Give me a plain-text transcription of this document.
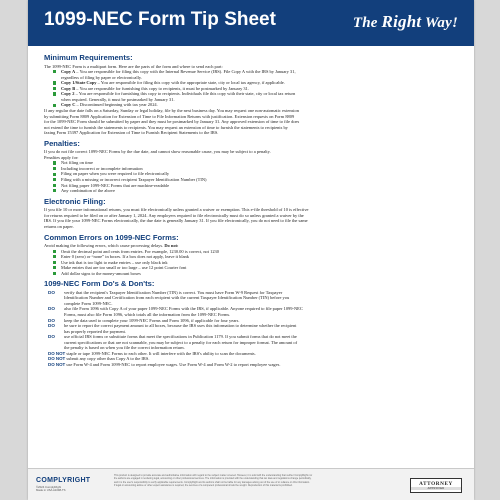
1099-NEC Form Tip Sheet	The Right Way!
Minimum Requirements:
The 1099-NEC Form is a multipart form. Here are the parts of the form and where to send each part:
Copy A – You are responsible for filing this copy with the Internal Revenue Service (IRS). File Copy A with the IRS by January 31,
regardless of filing by paper or electronically.
Copy 1/State Copy – You are responsible for filing this copy with the appropriate state, city or local tax agency, if applicable.
Copy B – You are responsible for furnishing this copy to recipients, it must be postmarked by January 31.
Copy 2 – You are responsible for furnishing this copy to recipients. Individuals file this copy with their state, city or local tax return
when required. Generally, it must be postmarked by January 31.
Copy C – Discontinued beginning with tax year 2024.
If any regular due date falls on a Saturday, Sunday or legal holiday, file by the next business day. You may request one non-automatic extension
by submitting Form 8809 Application for Extension of Time to File Information Returns with justification. Extension requests on Form 8809
for the 1099-NEC Form should be submitted by paper and they must be postmarked by January 31. Any approved extension of time to file does
not extend the time to furnish the statements to recipients. You may request an extension of time to furnish the statements to recipients by
faxing Form 15397 Application for Extension of Time to Furnish Recipient Statements to the IRS.
Penalties:
If you do not file correct 1099-NEC Forms by the due date, and cannot show reasonable cause, you may be subject to a penalty.
Penalties apply for:
Not filing on time
Including incorrect or incomplete information
Filing on paper when you were required to file electronically
Filing with a missing or incorrect recipient Taxpayer Identification Number (TIN)
Not filing paper 1099-NEC Forms that are machine-readable
Any combination of the above
Electronic Filing:
If you file 10 or more informational returns, you must file electronically unless granted a waiver or exemption. This e-file threshold of 10 is effective
for returns required to be filed on or after January 1, 2024. Any employers required to file electronically must do so unless granted a waiver by the
IRS. If you file your 1099-NEC Forms electronically, the due date is generally January 31. If you file electronically, you do not need to file the same
returns on paper.
Common Errors on 1099-NEC Forms:
Avoid making the following errors, which cause processing delays. Do not:
Omit the decimal point and cents from entries. For example, 1230.00 is correct, not 1230
Enter 0 (zero) or “none” in boxes. If a box does not apply, leave it blank
Use ink that is too light to make entries – use only black ink
Make entries that are too small or too large – use 12 point Courier font
Add dollar signs to the money-amount boxes
1099-NEC Form Do's & Don'ts:
DO verify that the recipient's Taxpayer Identification Number (TIN) is correct. You must have Form W-9 Request for Taxpayer
Identification Number and Certification from each recipient with the current Taxpayer Identification Number (TIN) before you
complete Form 1099-NEC.
DO also file Form 1096 with Copy A of your paper 1099-NEC Forms with the IRS, if applicable. Anyone required to file paper 1099-NEC
Forms, must also file Form 1096, which totals all the information from the 1099-NEC Forms.
DO keep the data used to complete your 1099-NEC Forms and Form 1096, if applicable for four years.
DO be sure to report the correct payment amount to all boxes, because the IRS uses this information to determine whether the recipient
has properly reported the payment.
DO use official IRS forms or substitute forms that meet the specifications in Publication 1179. If you submit forms that do not meet the
current specifications or that are not scannable, you may be subject to a penalty for each return for improper format. The amount of
the penalty is based on when you file the correct information return.
DO NOT staple or tape 1099-NEC Forms to each other. It will interfere with the IRS's ability to scan the documents.
DO NOT submit any copy other than Copy A to the IRS.
DO NOT use Form W-4 and Form 1099-NEC to report employee wages. Use Form W-4 and Form W-2 to report employee wages.
COMPLYRIGHT
©2024 ComplyRight
Made in USA A1098-TS
This product is designed to provide accurate and authoritative information with regard to the subject matter covered. However, it is sold with the understanding that neither ComplyRight nor
the authors are engaged in rendering legal, accounting or other professional services. The information is provided with the understanding that tax laws and regulations change periodically,
and it is the user's responsibility to verify applicable requirements. ComplyRight and its authors shall not be liable for any damages arising out of the use of or reliance on this information.
If legal or accounting advice or other expert assistance is required, the services of a competent professional should be sought. Reproduction of this material is prohibited.	ATTORNEY
APPROVED
